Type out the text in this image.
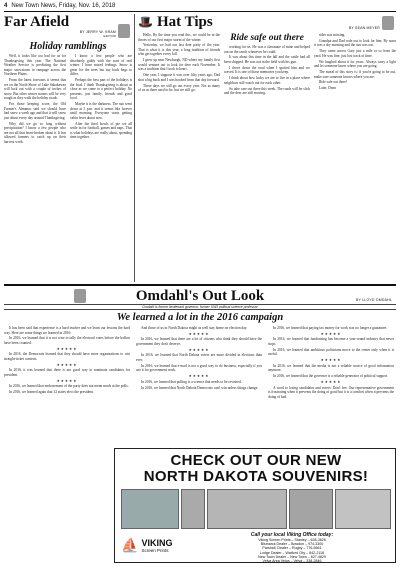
4 New Town News, Friday, Nov. 16, 2018
Far Afield
BY JERRY W. KRAM
EDITOR
Holiday ramblings

Well, it looks like too bad for us for Thanksgiving this year. The National Weather Service is predicting the first major snowstorm to rampage across the Northern Plains.

From the latest forecasts it seems that we on the North Shore of Lake Sakakawea will luck out with a couple of inches of snow. But other winter storms will be very rough as they walk the holiday roads.

For those keeping score, the Old Farmer's Almanac said we should have had snow a week ago and that it will snow just about every day around Thanksgiving.

Why did we go so long without precipitation? I know a few people who are not all that heart-broken about it. It has allowed farmers to catch up on their harvest work.

I know a few people who are absolutely giddy with the start of real winter. I have mixed feelings. Snow is great for the trees but my back begs to differ.

Perhaps the best part of the holidays is the food. I think Thanksgiving is about as close as we come to a perfect holiday. No presents, just family, friends and good food.

Maybe it is the darkness. The sun went down at 5 p.m. and it seems like forever until morning. Everyone starts getting cabin fever about now.

After the final bowls of pie we all settle in for football, games and naps. That is what holidays are really about, spending time together.

🎩 Hat Tips	BY SEAN MEYER

Hello, By the time you read this, we could be in the throes of our first major storm of the winter.

Yesterday, we had our last deer party of the year. That is what it is this year, a long tradition of friends who get together every fall.

I grew up near Newburgh, ND where my family first would venture out to look for deer each November. It was a tradition that I took to heart.

One year, I suppose it was over fifty years ago, Dad shot a big buck and I was hooked from that day forward.

These days we still go out every year. Not as many of us as there used to be, but we still go.

Ride safe out there

working for us. He was a classmate of mine and helped out on the ranch whenever he could.

It was about this time in the fall and the cattle had all been shipped. He was out in the field with his gun.

I drove down the road when I spotted him and we waved. It is one of those memories you keep.

I think about how lucky we are to live in a place where neighbors still watch out for each other.

So take care out there this week. The roads will be slick and the deer are still moving.

rider was missing.

Grandpa and Dad rode out to look for him. By noon it was a dry morning and the sun was out.

They came across Gary just a mile or so from the yard. He was fine, just lost track of time.

We laughed about it for years. Always carry a light and let someone know where you are going.

The moral of this story is: if you're going to be out, make sure someone knows where you are.

Ride safe out there!

Later, Dean

Omdahl's Out Look	BY LLOYD OMDAHL
Omdahl is former lieutenant governor, former UND political science professor
We learned a lot in the 2016 campaign

It has been said that experience is a hard teacher and we learn our lessons the hard way. Here are some things we learned in 2016:

In 2016, we learned that it is not wise to tally the electoral votes before the ballots have been counted.

★★★★★

In 2016, the Democrats learned that they should have more organizations to win straight-ticket contests.

★★★★★

In 2016, it was learned that there is not good way to nominate candidates for president.

★★★★★

In 2016, we learned that endorsement of the party does not mean much at the polls.

In 2016, we learned again that 12 states elect the president.

And those of us in North Dakota might as well stay home on election day.

★★★★★

In 2016, we learned that there are a lot of citizens who think they should have the government they don't deserve.

★★★★★

In 2016, we learned that North Dakota voters are more divided in elections than ever.

In 2016, we learned that e-mail is not a good way to do business, especially if you use it for government work.

★★★★★

In 2016, we learned that polling is a science that needs to be revisited.

In 2016, we learned that North Dakota Democrats can't win unless things change.

In 2016, we learned that paying tax money for work was no longer a guarantee.

★★★★★

In 2016, we learned that fundraising has become a year-round industry that never stops.

In 2016, we learned that ambitious politicians move to the center only when it is useful.

★★★★★

In 2016, we learned that the media is not a reliable source of good information anymore.

In 2016, we learned that the governor is a reliable generator of political support.

★★★★★

A word to losing candidates and voters: Don't fret. Our representative government is frustrating when it prevents the doing of good but it is a comfort when it prevents the doing of bad.

CHECK OUT OUR NEW
NORTH DAKOTA SOUVENIRS!
⛵ VIKING
Screen Prints
Call your local Viking Office today:
Viking Screen Prints – Stanley – 628-3826
Bismarck Dealer – Bowdon – 974-3300
Parshall, Dealer – Rugby – 776-5661
Lodge Dealer – Watford City – 842-2118
New Town Dealer – New Town – 627-4829
Velva Area Velva – Velva – 338-2846
